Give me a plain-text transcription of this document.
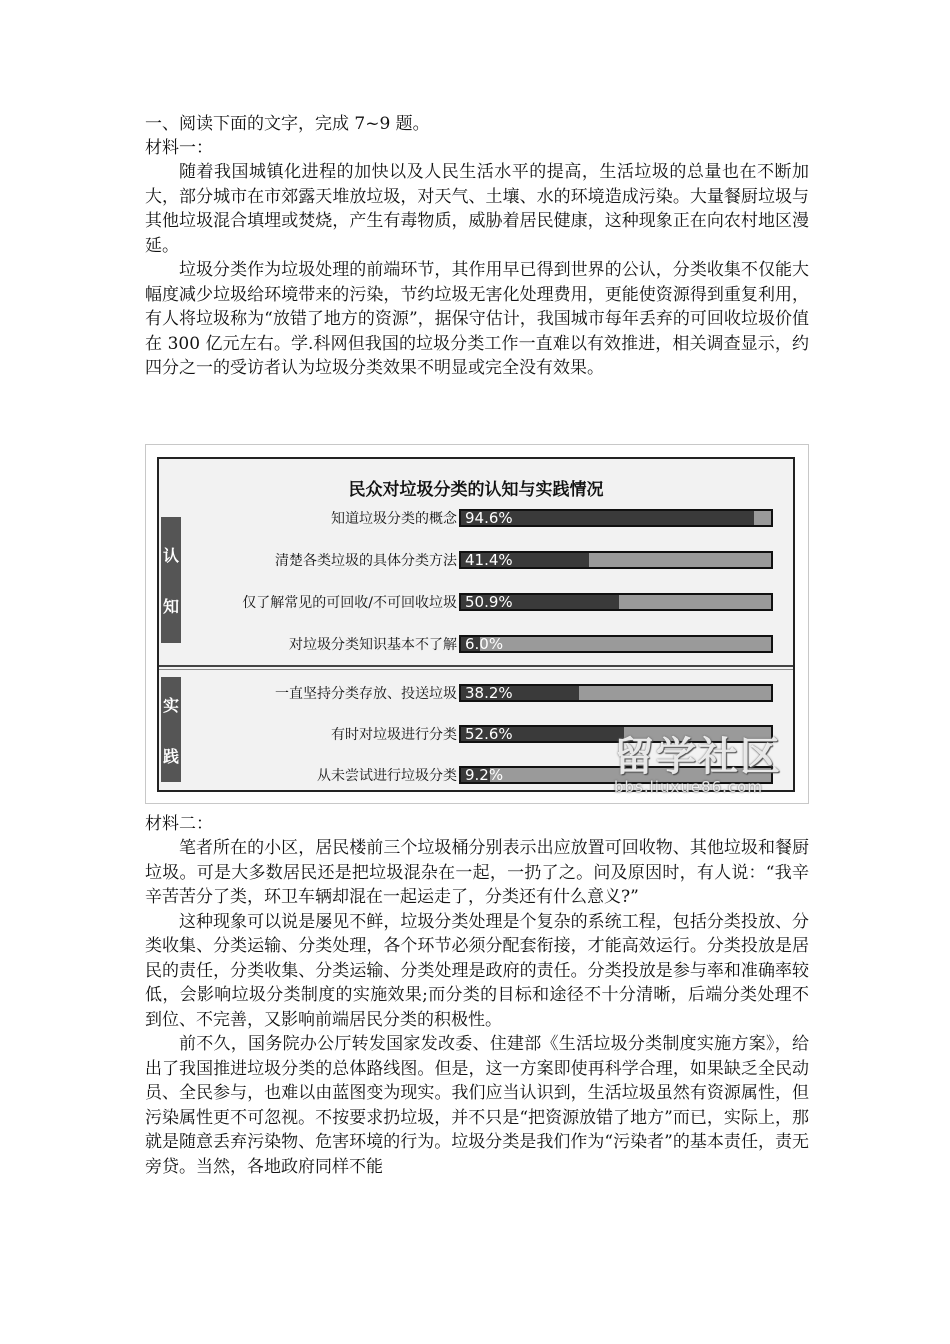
一、阅读下面的文字，完成 7~9 题。

材料一：

随着我国城镇化进程的加快以及人民生活水平的提高，生活垃圾的总量也在不断加大，部分城市在市郊露天堆放垃圾，对天气、土壤、水的环境造成污染。大量餐厨垃圾与其他垃圾混合填埋或焚烧，产生有毒物质，威胁着居民健康，这种现象正在向农村地区漫延。

垃圾分类作为垃圾处理的前端环节，其作用早已得到世界的公认，分类收集不仅能大幅度减少垃圾给环境带来的污染，节约垃圾无害化处理费用，更能使资源得到重复利用，有人将垃圾称为“放错了地方的资源”，据保守估计，我国城市每年丢弃的可回收垃圾价值在 300 亿元左右。学.科网但我国的垃圾分类工作一直难以有效推进，相关调查显示，约四分之一的受访者认为垃圾分类效果不明显或完全没有效果。

民众对垃圾分类的认知与实践情况
认
知
实
践
知道垃圾分类的概念 94.6%
清楚各类垃圾的具体分类方法 41.4%
仅了解常见的可回收/不可回收垃圾 50.9%
对垃圾分类知识基本不了解 6.0%
一直坚持分类存放、投送垃圾 38.2%
有时对垃圾进行分类 52.6%
从未尝试进行垃圾分类 9.2%	留学社区
bbs.liuxue86.com

材料二：

笔者所在的小区，居民楼前三个垃圾桶分别表示出应放置可回收物、其他垃圾和餐厨垃圾。可是大多数居民还是把垃圾混杂在一起，一扔了之。问及原因时，有人说：“我辛辛苦苦分了类，环卫车辆却混在一起运走了，分类还有什么意义?”

这种现象可以说是屡见不鲜，垃圾分类处理是个复杂的系统工程，包括分类投放、分类收集、分类运输、分类处理，各个环节必须分配套衔接，才能高效运行。分类投放是居民的责任，分类收集、分类运输、分类处理是政府的责任。分类投放是参与率和准确率较低，会影响垃圾分类制度的实施效果;而分类的目标和途径不十分清晰，后端分类处理不到位、不完善，又影响前端居民分类的积极性。

前不久，国务院办公厅转发国家发改委、住建部《生活垃圾分类制度实施方案》，给出了我国推进垃圾分类的总体路线图。但是，这一方案即使再科学合理，如果缺乏全民动员、全民参与，也难以由蓝图变为现实。我们应当认识到，生活垃圾虽然有资源属性，但污染属性更不可忽视。不按要求扔垃圾，并不只是“把资源放错了地方”而已，实际上，那就是随意丢弃污染物、危害环境的行为。垃圾分类是我们作为“污染者”的基本责任，责无旁贷。当然，各地政府同样不能
